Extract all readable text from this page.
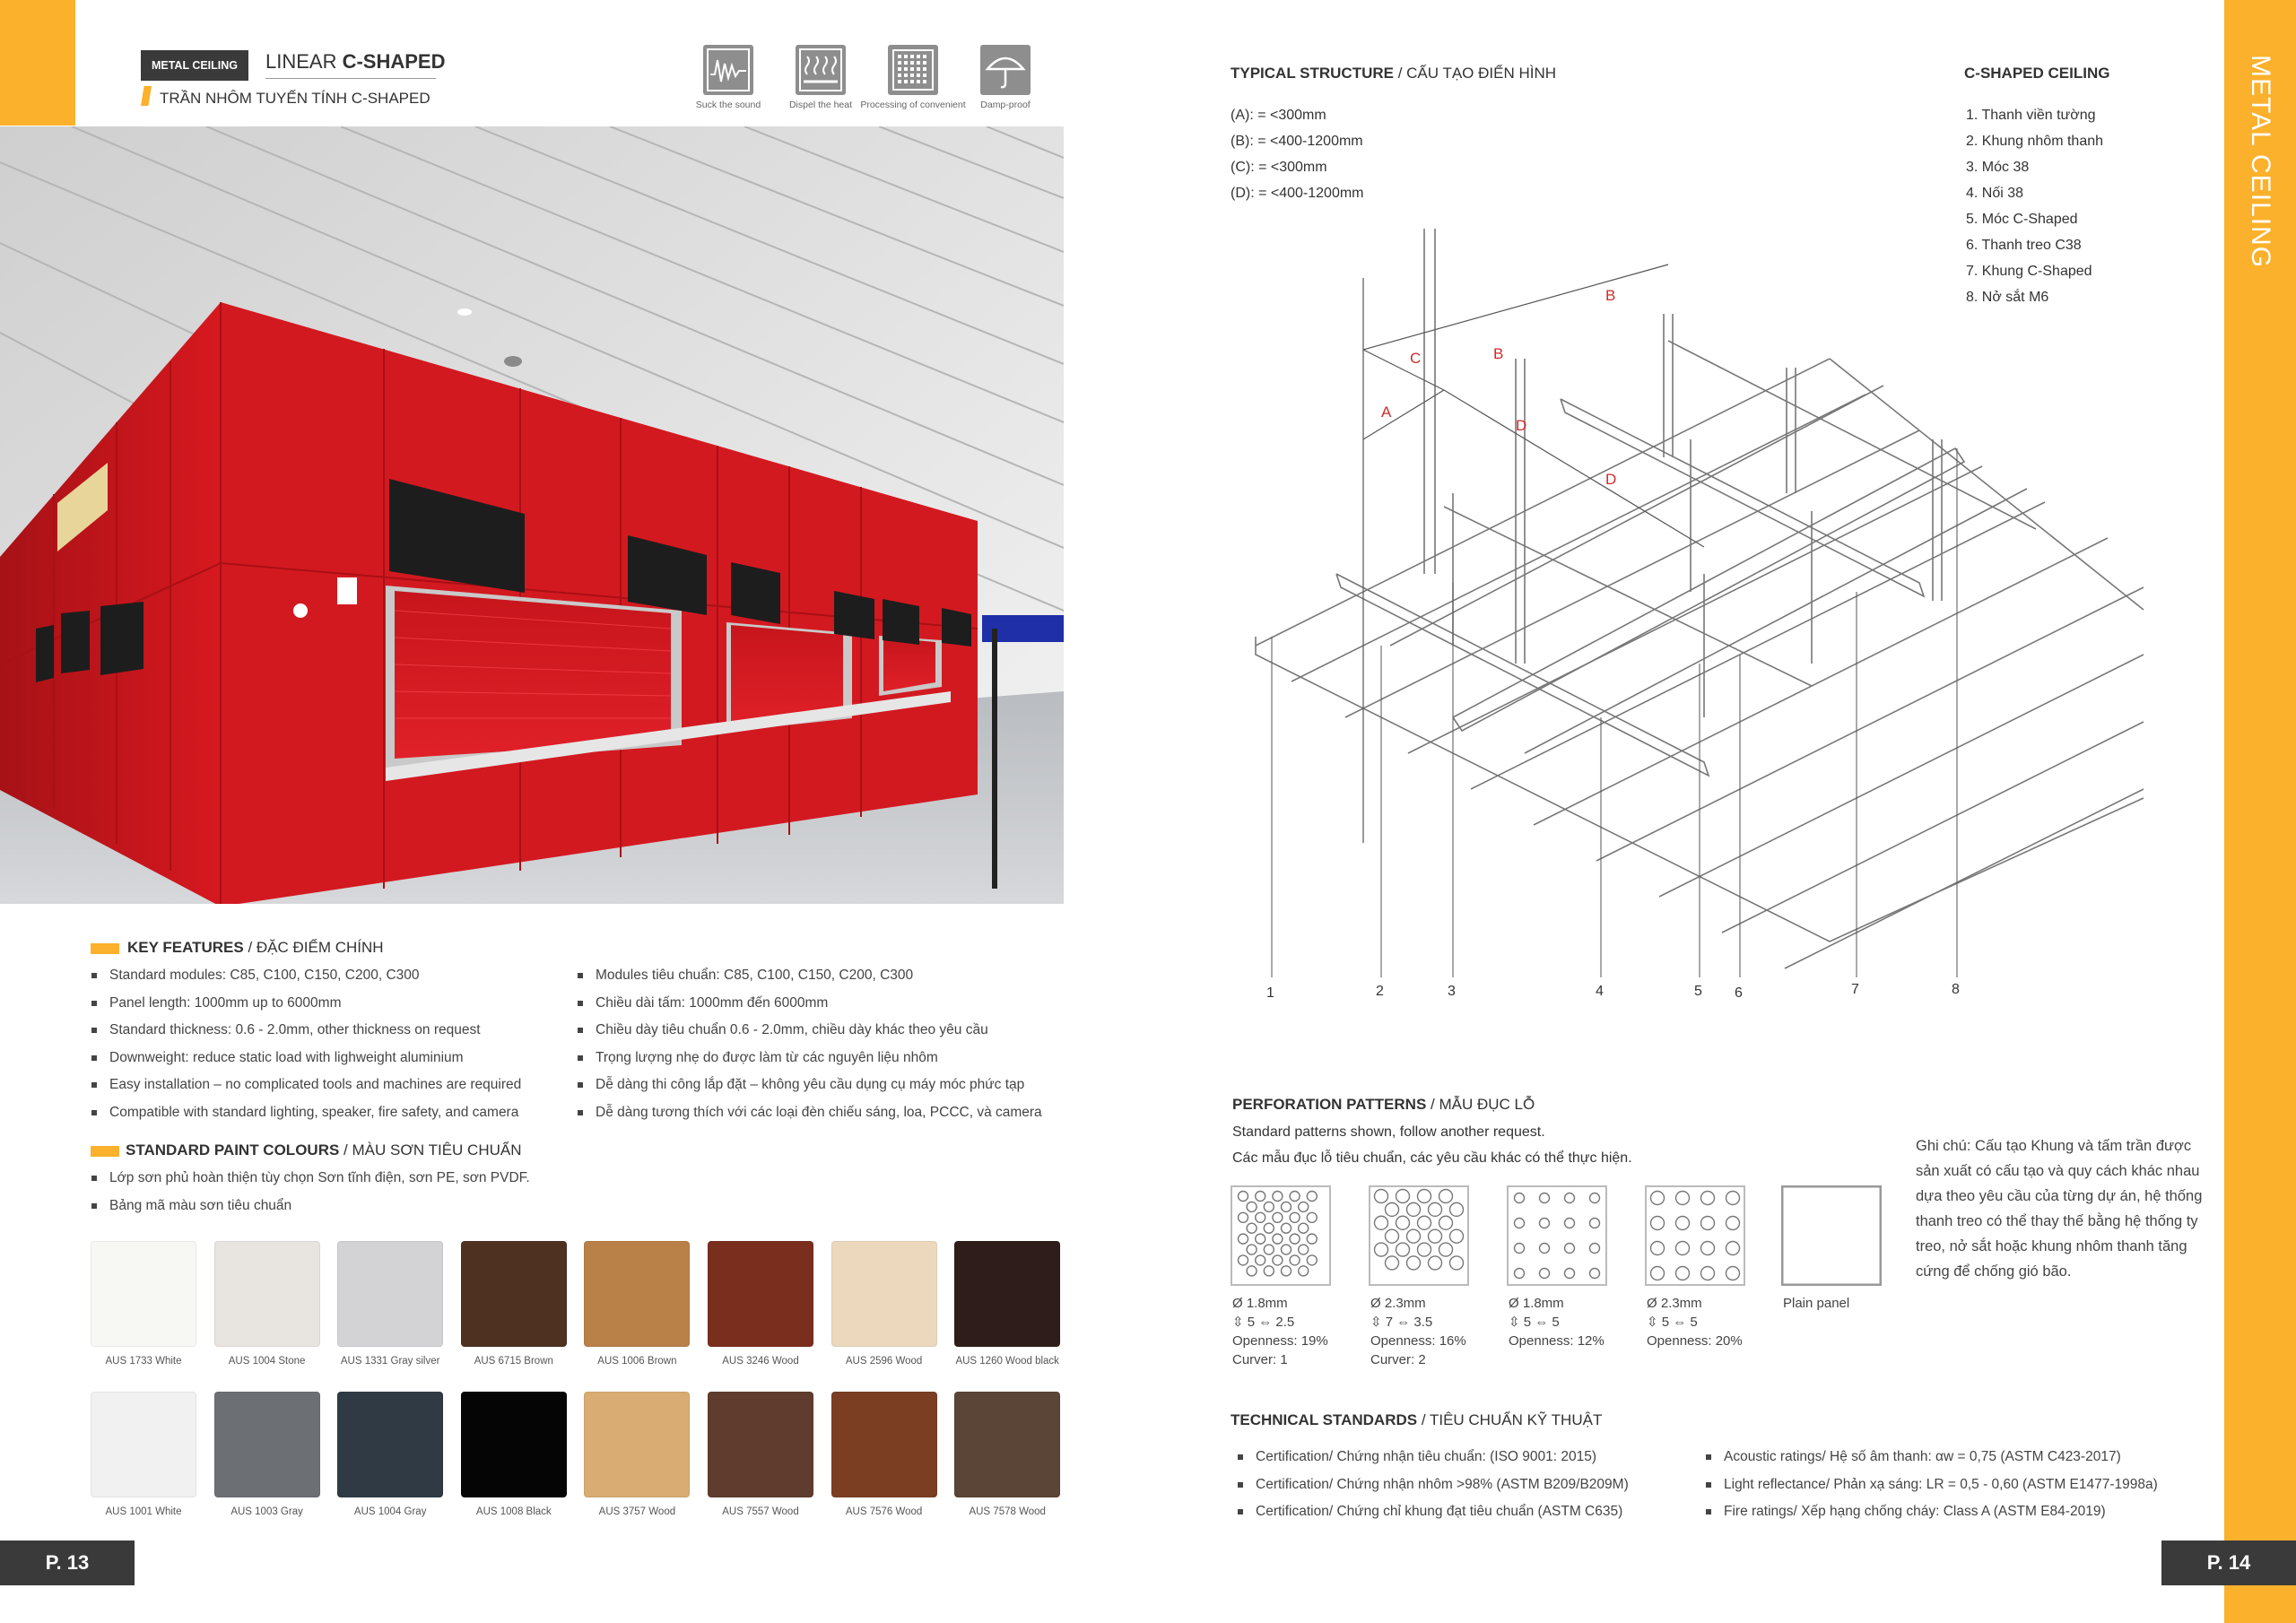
METAL CEILING
METAL CEILING	LINEAR C-SHAPED
TRẦN NHÔM TUYẾN TÍNH C-SHAPED	Suck the sound	Dispel the heat Processing of convenient	Damp-proof
KEY FEATURES / ĐẶC ĐIỂM CHÍNH
Standard modules: C85, C100, C150, C200, C300
Panel length: 1000mm up to 6000mm
Standard thickness: 0.6 - 2.0mm, other thickness on request
Downweight: reduce static load with lighweight aluminium
Easy installation – no complicated tools and machines are required
Compatible with standard lighting, speaker, fire safety, and camera
Modules tiêu chuẩn: C85, C100, C150, C200, C300
Chiều dài tấm: 1000mm đến 6000mm
Chiều dày tiêu chuẩn 0.6 - 2.0mm, chiều dày khác theo yêu cầu
Trọng lượng nhẹ do được làm từ các nguyên liệu nhôm
Dễ dàng thi công lắp đặt – không yêu cầu dụng cụ máy móc phức tạp
Dễ dàng tương thích với các loại đèn chiếu sáng, loa, PCCC, và camera
STANDARD PAINT COLOURS / MÀU SƠN TIÊU CHUẨN
Lớp sơn phủ hoàn thiện tùy chọn Sơn tĩnh điện, sơn PE, sơn PVDF.
Bảng mã màu sơn tiêu chuẩn
AUS 1733 White	AUS 1004 Stone	AUS 1331 Gray silver	AUS 6715 Brown	AUS 1006 Brown	AUS 3246 Wood	AUS 2596 Wood	AUS 1260 Wood black
AUS 1001 White	AUS 1003 Gray	AUS 1004 Gray	AUS 1008 Black	AUS 3757 Wood	AUS 7557 Wood	AUS 7576 Wood	AUS 7578 Wood
P. 13	P. 14
TYPICAL STRUCTURE / CẤU TẠO ĐIỂN HÌNH
(A): = <300mm
(B): = <400-1200mm
(C): = <300mm
(D): = <400-1200mm
C-SHAPED CEILING
1. Thanh viền tường
2. Khung nhôm thanh
3. Móc 38
4. Nối 38
5. Móc C-Shaped
6. Thanh treo C38
7. Khung C-Shaped
8. Nở sắt M6
A
B
B
C
D
D
1	2	3	4	5 6	7	8
PERFORATION PATTERNS / MẪU ĐỤC LỖ
Standard patterns shown, follow another request.
Các mẫu đục lỗ tiêu chuẩn, các yêu cầu khác có thể thực hiện.
Ø 1.8mm
⇳ 5 ⇔ 2.5
Openness: 19%
Curver: 1
Ø 2.3mm
⇳ 7 ⇔ 3.5
Openness: 16%
Curver: 2
Ø 1.8mm
⇳ 5 ⇔ 5
Openness: 12%
Ø 2.3mm
⇳ 5 ⇔ 5
Openness: 20%
Plain panel
Ghi chú: Cấu tạo Khung và tấm trần được sản xuất có cấu tạo và quy cách khác nhau dựa theo yêu cầu của từng dự án, hệ thống thanh treo có thể thay thế bằng hệ thống ty treo, nở sắt hoặc khung nhôm thanh tăng cứng để chống gió bão.
TECHNICAL STANDARDS / TIÊU CHUẨN KỸ THUẬT
Certification/ Chứng nhận tiêu chuẩn: (ISO 9001: 2015)
Certification/ Chứng nhận nhôm >98% (ASTM B209/B209M)
Certification/ Chứng chỉ khung đạt tiêu chuẩn (ASTM C635)
Acoustic ratings/ Hệ số âm thanh: αw = 0,75 (ASTM C423-2017)
Light reflectance/ Phản xạ sáng: LR = 0,5 - 0,60 (ASTM E1477-1998a)
Fire ratings/ Xếp hạng chống cháy: Class A (ASTM E84-2019)
